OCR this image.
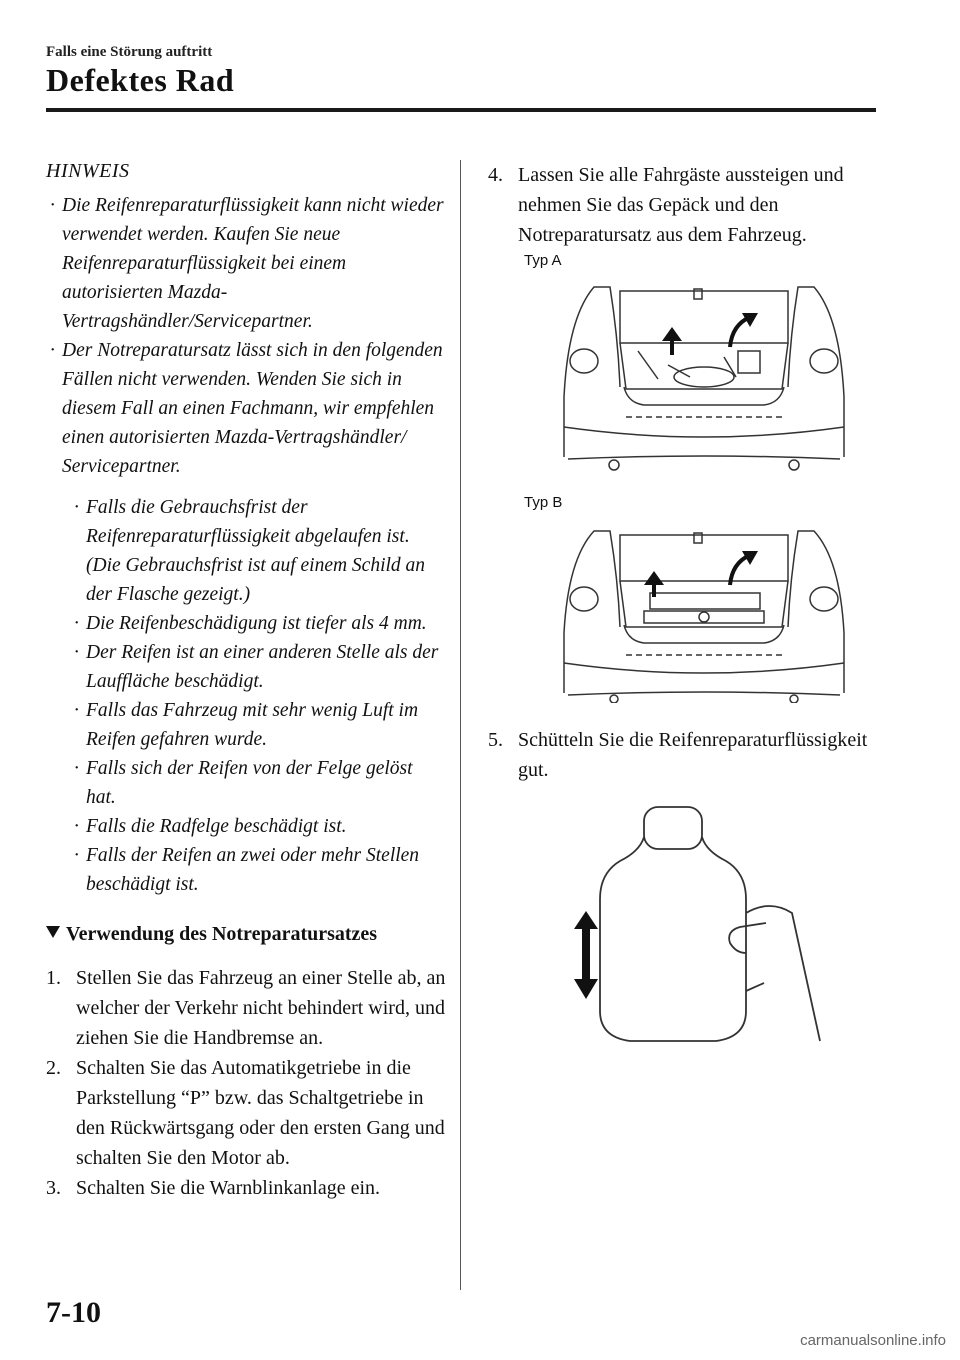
Falls eine Störung auftritt
Defektes Rad
HINWEIS
· Die Reifenreparaturflüssigkeit kann nicht wieder verwendet werden. Kaufen Sie neue Reifenreparaturflüssigkeit bei einem autorisierten Mazda-Vertragshändler/Servicepartner.
· Der Notreparatursatz lässt sich in den folgenden Fällen nicht verwenden. Wenden Sie sich in diesem Fall an einen Fachmann, wir empfehlen einen autorisierten Mazda-Vertragshändler/ Servicepartner.
· Falls die Gebrauchsfrist der Reifenreparaturflüssigkeit abgelaufen ist. (Die Gebrauchsfrist ist auf einem Schild an der Flasche gezeigt.)
· Die Reifenbeschädigung ist tiefer als 4 mm.
· Der Reifen ist an einer anderen Stelle als der Lauffläche beschädigt.
· Falls das Fahrzeug mit sehr wenig Luft im Reifen gefahren wurde.
· Falls sich der Reifen von der Felge gelöst hat.
· Falls die Radfelge beschädigt ist.
· Falls der Reifen an zwei oder mehr Stellen beschädigt ist.
Verwendung des Notreparatursatzes
1. Stellen Sie das Fahrzeug an einer Stelle ab, an welcher der Verkehr nicht behindert wird, und ziehen Sie die Handbremse an.
2. Schalten Sie das Automatikgetriebe in die Parkstellung “P” bzw. das Schaltgetriebe in den Rückwärtsgang oder den ersten Gang und schalten Sie den Motor ab.
3. Schalten Sie die Warnblinkanlage ein.
4. Lassen Sie alle Fahrgäste aussteigen und nehmen Sie das Gepäck und den Notreparatursatz aus dem Fahrzeug.
Typ A
Typ B
5. Schütteln Sie die Reifenreparaturflüssigkeit gut.
7-10
carmanualsonline.info
